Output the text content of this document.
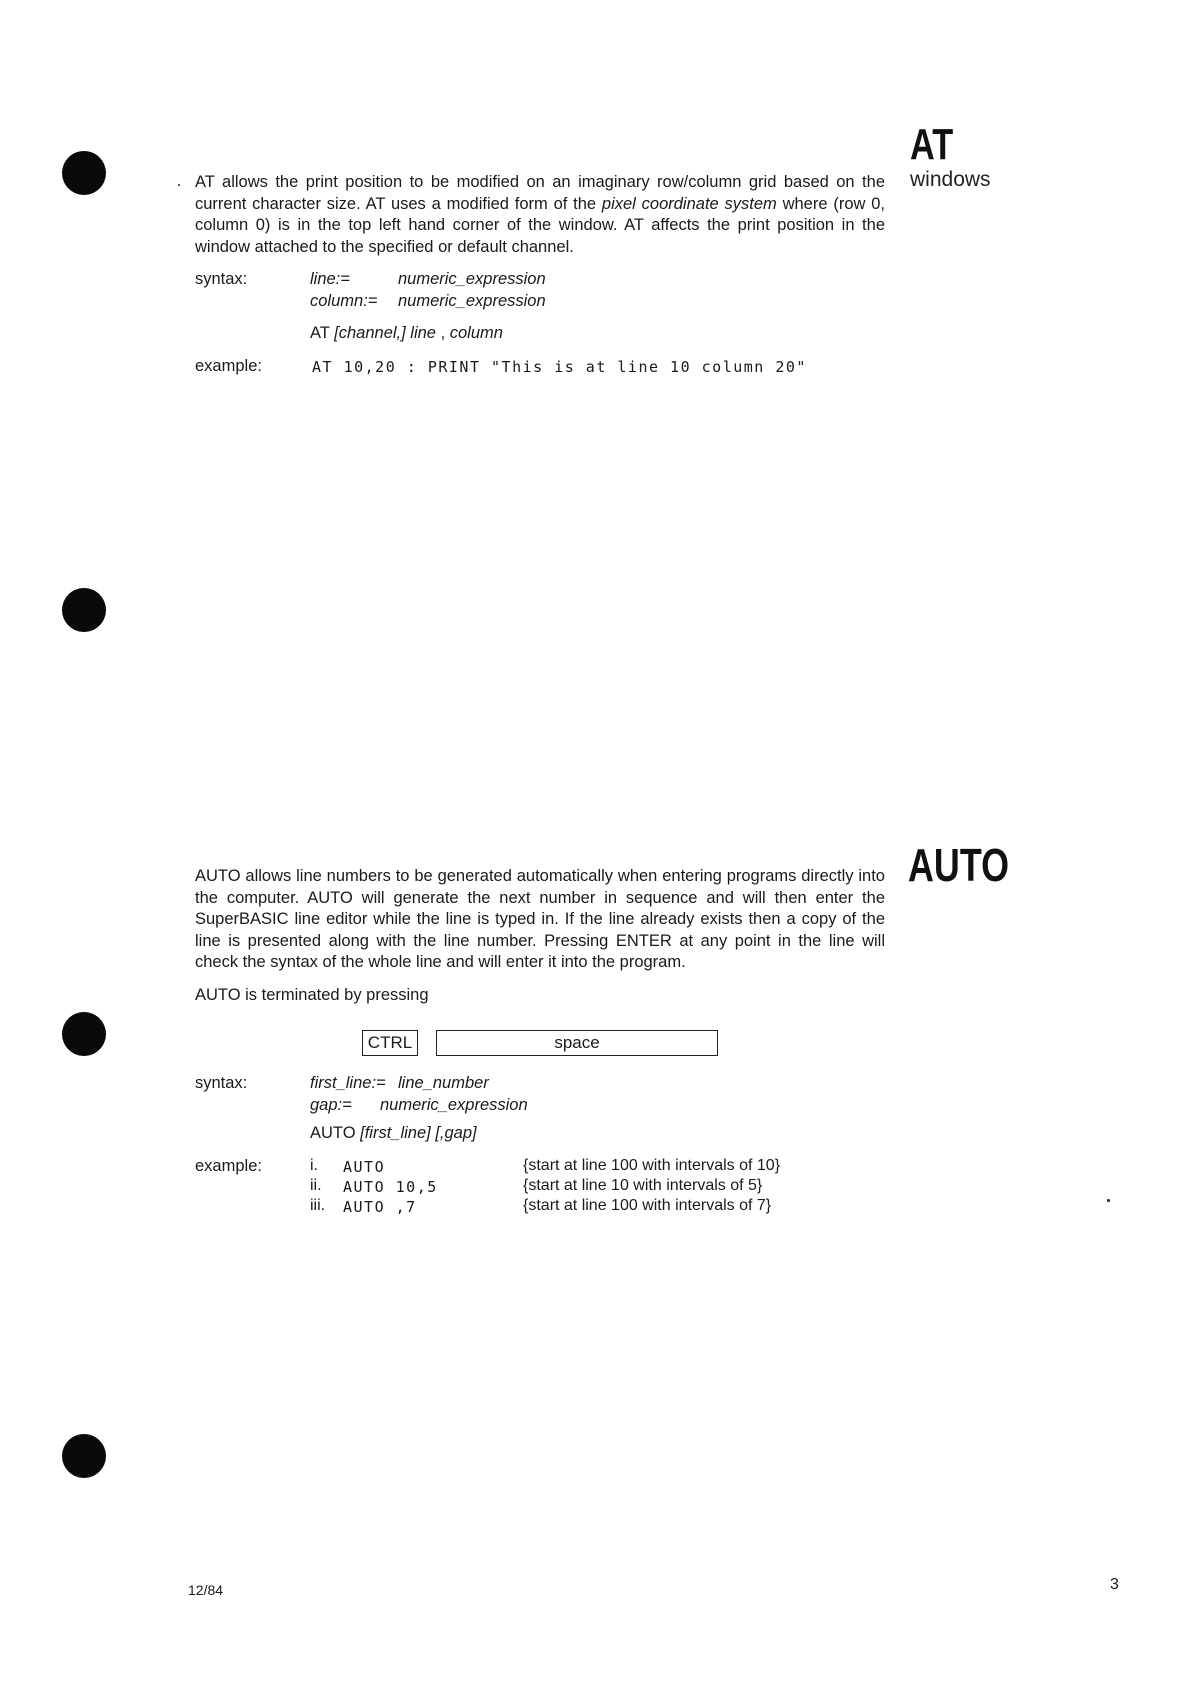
AT
windows

AT allows the print position to be modified on an imaginary row/column grid based on the current character size. AT uses a modified form of the pixel coordinate system where (row 0, column 0) is in the top left hand corner of the window. AT affects the print position in the window attached to the specified or default channel.

syntax:	line:=	numeric_expression
column:= numeric_expression
AT [channel,] line , column
example:	AT 10,20 : PRINT "This is at line 10 column 20"
AUTO

AUTO allows line numbers to be generated automatically when entering programs directly into the computer. AUTO will generate the next number in sequence and will then enter the SuperBASIC line editor while the line is typed in. If the line already exists then a copy of the line is presented along with the line number. Pressing ENTER at any point in the line will check the syntax of the whole line and will enter it into the program.

AUTO is terminated by pressing
CTRL	space
syntax:	first_line:= line_number
gap:= numeric_expression
AUTO [first_line] [,gap]
example:	i. AUTO	{start at line 100 with intervals of 10}
ii. AUTO 10,5	{start at line 10 with intervals of 5}
iii. AUTO ,7	{start at line 100 with intervals of 7}
12/84	3
